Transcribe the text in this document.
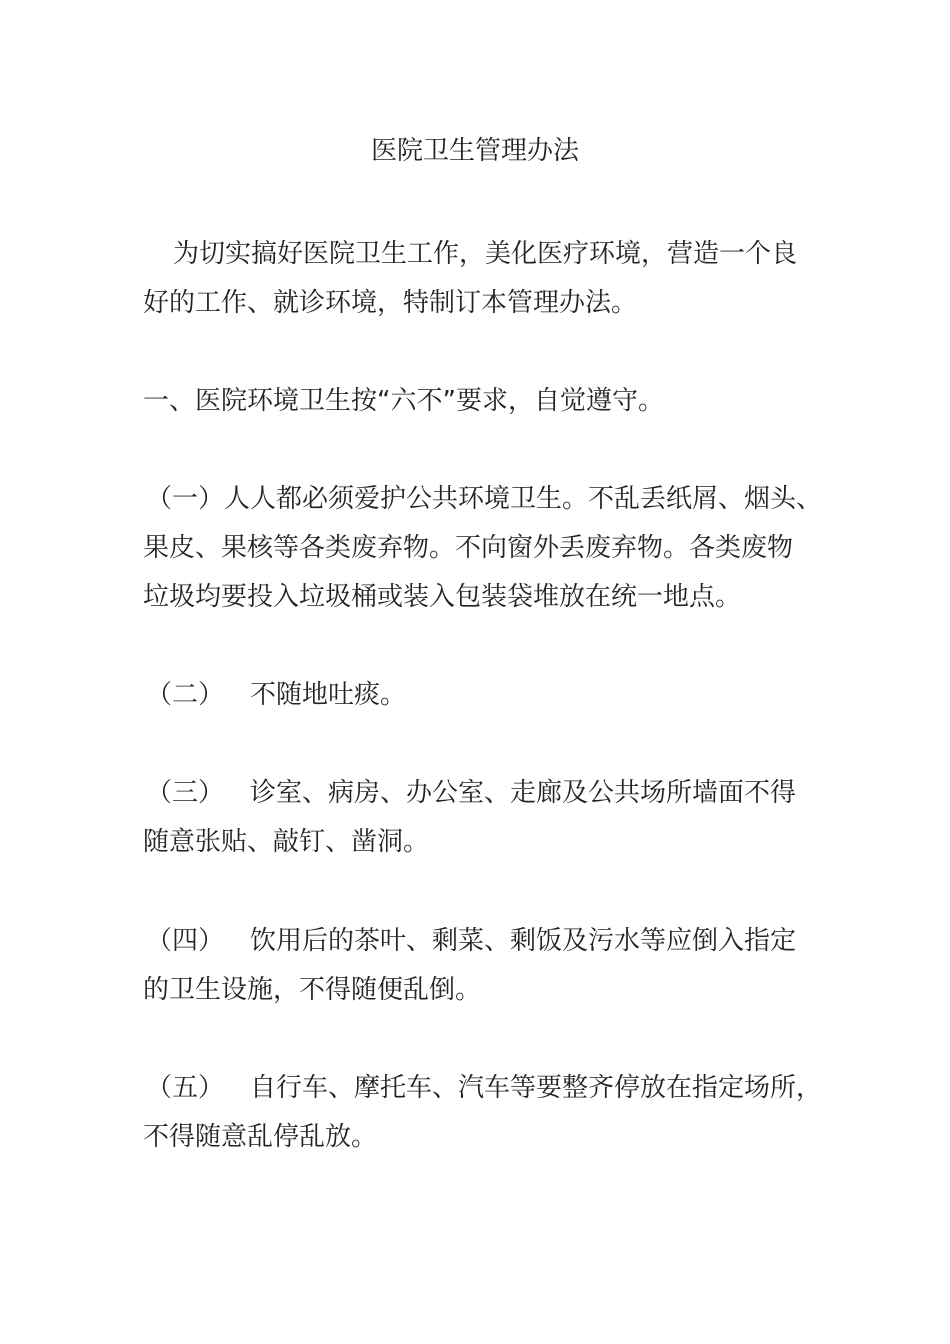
医院卫生管理办法

为切实搞好医院卫生工作，美化医疗环境，营造一个良
好的工作、就诊环境，特制订本管理办法。

一、医院环境卫生按“六不”要求，自觉遵守。

（一）人人都必须爱护公共环境卫生。不乱丢纸屑、烟头、
果皮、果核等各类废弃物。不向窗外丢废弃物。各类废物
垃圾均要投入垃圾桶或装入包装袋堆放在统一地点。

（二） 不随地吐痰。

（三） 诊室、病房、办公室、走廊及公共场所墙面不得
随意张贴、敲钉、凿洞。

（四） 饮用后的茶叶、剩菜、剩饭及污水等应倒入指定
的卫生设施，不得随便乱倒。

（五） 自行车、摩托车、汽车等要整齐停放在指定场所，
不得随意乱停乱放。
